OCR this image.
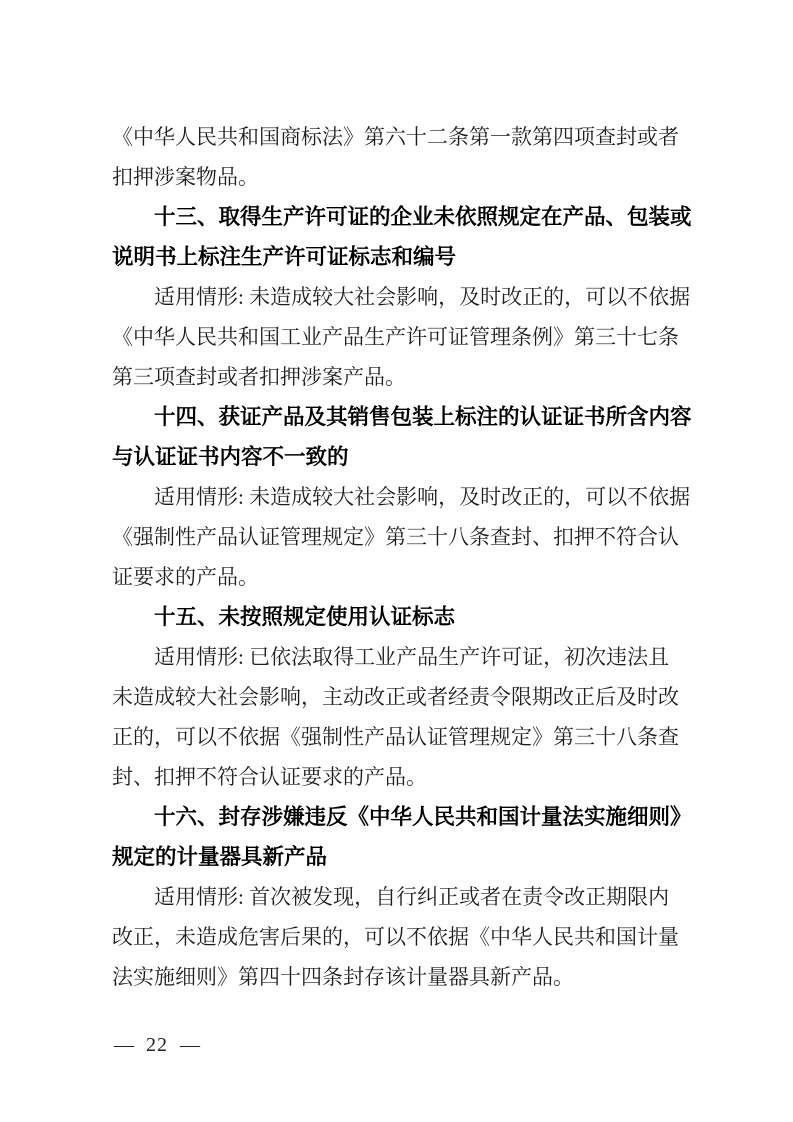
《中华人民共和国商标法》第六十二条第一款第四项查封或者
扣押涉案物品。
十三、取得生产许可证的企业未依照规定在产品、包装或
说明书上标注生产许可证标志和编号
适用情形: 未造成较大社会影响，及时改正的，可以不依据
《中华人民共和国工业产品生产许可证管理条例》第三十七条
第三项查封或者扣押涉案产品。
十四、获证产品及其销售包装上标注的认证证书所含内容
与认证证书内容不一致的
适用情形: 未造成较大社会影响，及时改正的，可以不依据
《强制性产品认证管理规定》第三十八条查封、扣押不符合认
证要求的产品。
十五、未按照规定使用认证标志
适用情形: 已依法取得工业产品生产许可证，初次违法且
未造成较大社会影响，主动改正或者经责令限期改正后及时改
正的，可以不依据《强制性产品认证管理规定》第三十八条查
封、扣押不符合认证要求的产品。
十六、封存涉嫌违反《中华人民共和国计量法实施细则》
规定的计量器具新产品
适用情形: 首次被发现，自行纠正或者在责令改正期限内
改正，未造成危害后果的，可以不依据《中华人民共和国计量
法实施细则》第四十四条封存该计量器具新产品。
— 22 —
